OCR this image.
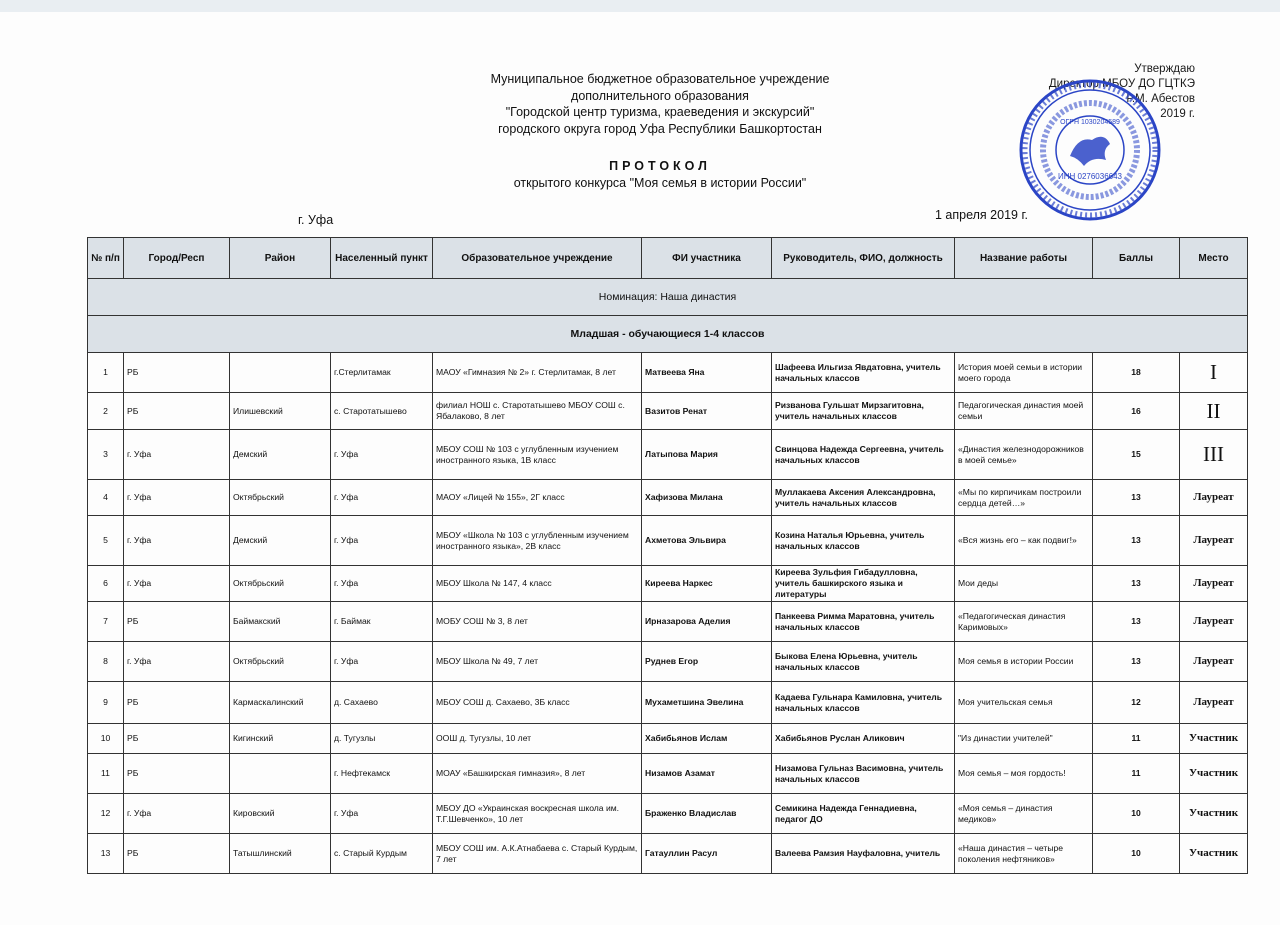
Муниципальное бюджетное образовательное учреждение
дополнительного образования
"Городской центр туризма, краеведения и экскурсий"
городского округа город Уфа Республики Башкортостан
ПРОТОКОЛ
открытого конкурса "Моя семья в истории России"
г. Уфа	1 апреля 2019 г.
Утверждаю
Директор МБОУ ДО ГЦТКЭ
Р.М. Абестов
2019 г.
ИНН 0276036643
ОГРН 1030204589
№ п/п	Город/Респ	Район	Населенный пункт	Образовательное учреждение	ФИ участника	Руководитель, ФИО, должность	Название работы	Баллы	Место
Номинация: Наша династия									
Младшая - обучающиеся 1-4 классов									
1	РБ		г.Стерлитамак	МАОУ «Гимназия № 2» г. Стерлитамак, 8 лет	Матвеева Яна	Шафеева Ильгиза Явдатовна, учитель начальных классов	История моей семьи в истории моего города	18	I
2	РБ	Илишевский	с. Старотатышево	филиал НОШ с. Старотатышево МБОУ СОШ с. Ябалаково, 8 лет	Вазитов Ренат	Ризванова Гульшат Мирзагитовна, учитель начальных классов	Педагогическая династия моей семьи	16	II
3	г. Уфа	Демский	г. Уфа	МБОУ СОШ № 103 с углубленным изучением иностранного языка, 1В класс	Латыпова Мария	Свинцова Надежда Сергеевна, учитель начальных классов	«Династия железнодорожников в моей семье»	15	III
4	г. Уфа	Октябрьский	г. Уфа	МАОУ «Лицей № 155», 2Г класс	Хафизова Милана	Муллакаева Аксения Александровна, учитель начальных классов	«Мы по кирпичикам построили сердца детей…»	13	Лауреат
5	г. Уфа	Демский	г. Уфа	МБОУ «Школа № 103 с углубленным изучением иностранного языка», 2В класс	Ахметова Эльвира	Козина Наталья Юрьевна, учитель начальных классов	«Вся жизнь его – как подвиг!»	13	Лауреат
6	г. Уфа	Октябрьский	г. Уфа	МБОУ Школа № 147, 4 класс	Киреева Наркес	Киреева Зульфия Гибадулловна, учитель башкирского языка и литературы	Мои деды	13	Лауреат
7	РБ	Баймакский	г. Баймак	МОБУ СОШ № 3, 8 лет	Ирназарова Аделия	Панкеева Римма Маратовна, учитель начальных классов	«Педагогическая династия Каримовых»	13	Лауреат
8	г. Уфа	Октябрьский	г. Уфа	МБОУ Школа № 49, 7 лет	Руднев Егор	Быкова Елена Юрьевна, учитель начальных классов	Моя семья в истории России	13	Лауреат
9	РБ	Кармаскалинский	д. Сахаево	МБОУ СОШ д. Сахаево, 3Б класс	Мухаметшина Эвелина	Кадаева Гульнара Камиловна, учитель начальных классов	Моя учительская семья	12	Лауреат
10	РБ	Кигинский	д. Тугузлы	ООШ д. Тугузлы, 10 лет	Хабибьянов Ислам	Хабибьянов Руслан Аликович	"Из династии учителей"	11	Участник
11	РБ		г. Нефтекамск	МОАУ «Башкирская гимназия», 8 лет	Низамов Азамат	Низамова Гульназ Васимовна, учитель начальных классов	Моя семья – моя гордость!	11	Участник
12	г. Уфа	Кировский	г. Уфа	МБОУ ДО «Украинская воскресная школа им. Т.Г.Шевченко», 10 лет	Браженко Владислав	Семикина Надежда Геннадиевна, педагог ДО	«Моя семья – династия медиков»	10	Участник
13	РБ	Татышлинский	с. Старый Курдым	МБОУ СОШ им. А.К.Атнабаева с. Старый Курдым, 7 лет	Гатауллин Расул	Валеева Рамзия Науфаловна, учитель	«Наша династия – четыре поколения нефтяников»	10	Участник
